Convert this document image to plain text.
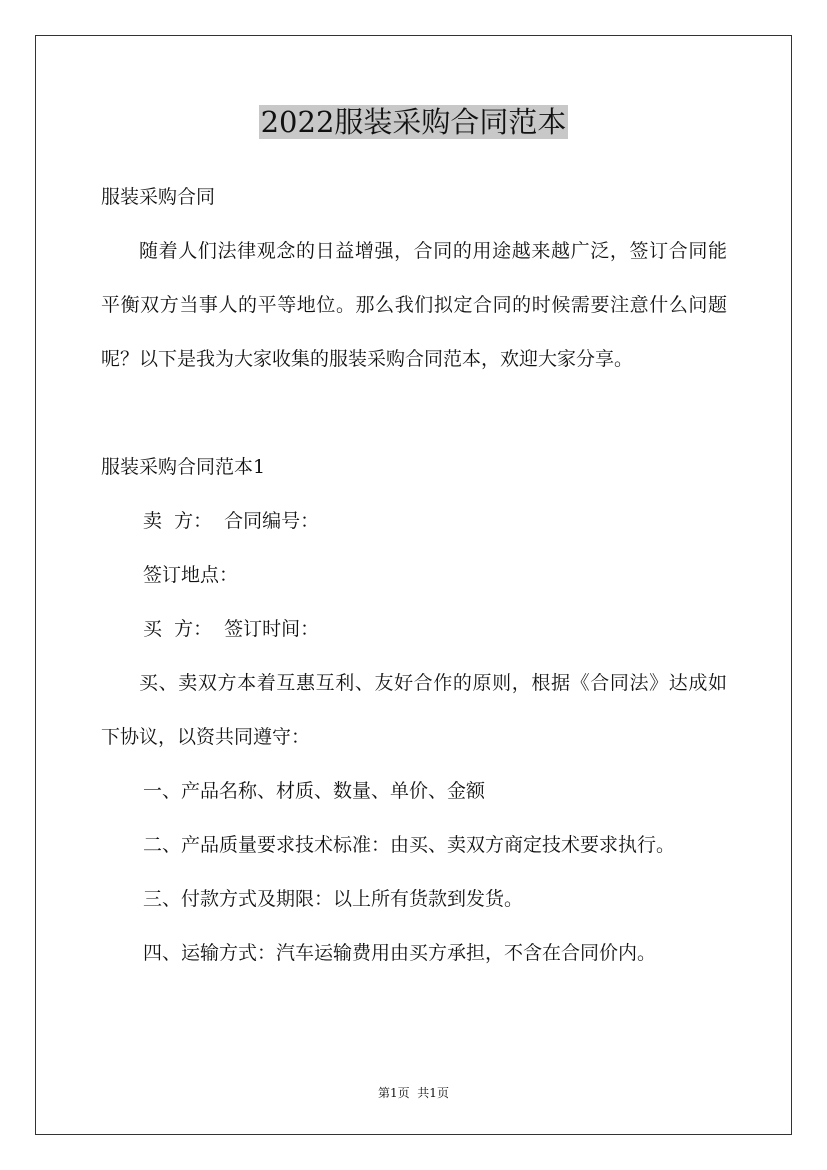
2022服装采购合同范本
服装采购合同
随着人们法律观念的日益增强，合同的用途越来越广泛，签订合同能平衡双方当事人的平等地位。那么我们拟定合同的时候需要注意什么问题呢？以下是我为大家收集的服装采购合同范本，欢迎大家分享。
服装采购合同范本1
卖  方：  合同编号：
签订地点：
买  方：  签订时间：
买、卖双方本着互惠互利、友好合作的原则，根据《合同法》达成如下协议，以资共同遵守：
一、产品名称、材质、数量、单价、金额
二、产品质量要求技术标准：由买、卖双方商定技术要求执行。
三、付款方式及期限：以上所有货款到发货。
四、运输方式：汽车运输费用由买方承担，不含在合同价内。
第1页  共1页
